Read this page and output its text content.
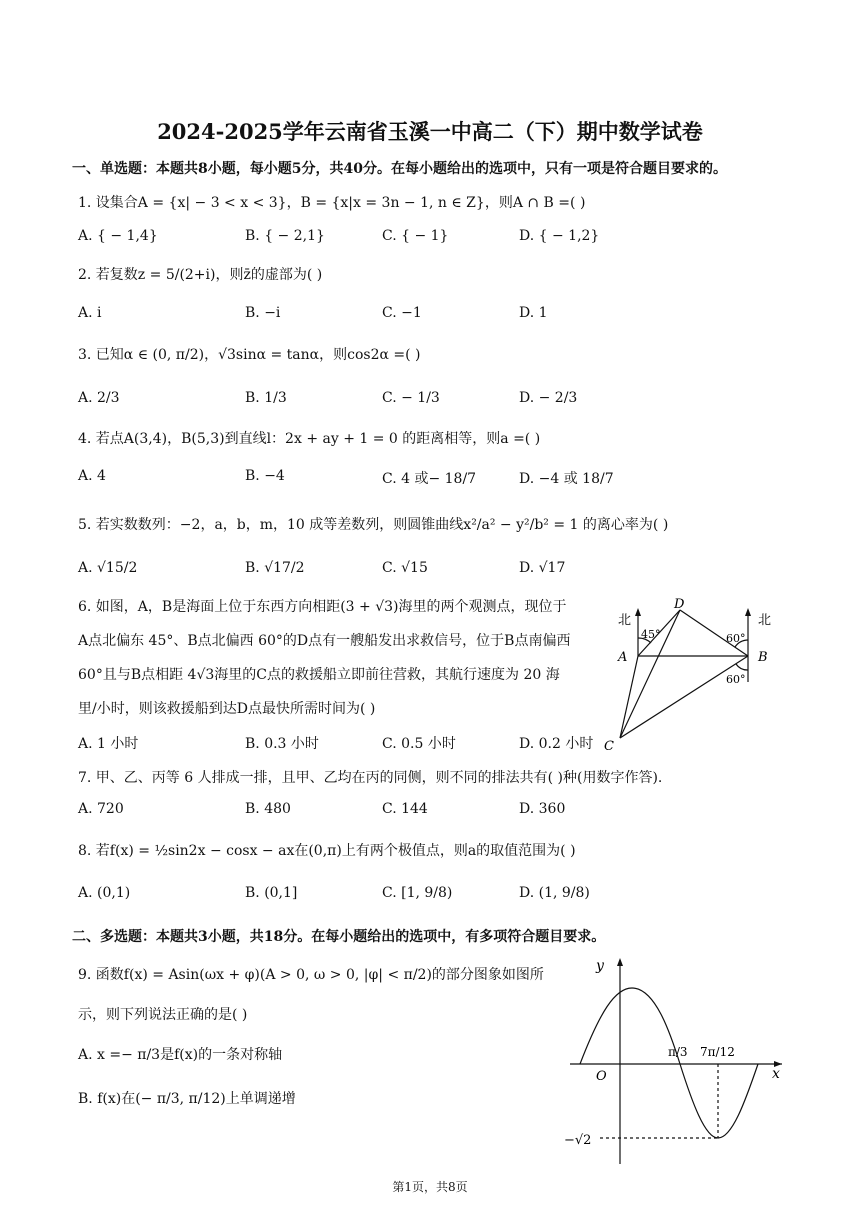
2024-2025学年云南省玉溪一中高二（下）期中数学试卷
一、单选题：本题共8小题，每小题5分，共40分。在每小题给出的选项中，只有一项是符合题目要求的。
1. 设集合A = {x| − 3 < x < 3}，B = {x|x = 3n − 1, n ∈ Z}，则A ∩ B =( )
A. { − 1,4}	B. { − 2,1}	C. { − 1}	D. { − 1,2}
2. 若复数z = 5/(2+i)，则z̄的虚部为( )
A. i	B. −i	C. −1	D. 1
3. 已知α ∈ (0, π/2)，√3sinα = tanα，则cos2α =( )
A. 2/3	B. 1/3	C. − 1/3	D. − 2/3
4. 若点A(3,4)，B(5,3)到直线l：2x + ay + 1 = 0 的距离相等，则a =( )
A. 4	B. −4	C. 4 或− 18/7	D. −4 或 18/7
5. 若实数数列：−2，a，b，m，10 成等差数列，则圆锥曲线x²/a² − y²/b² = 1 的离心率为( )
A. √15/2	B. √17/2	C. √15	D. √17
6. 如图，A，B是海面上位于东西方向相距(3 + √3)海里的两个观测点，现位于
A点北偏东 45°、B点北偏西 60°的D点有一艘船发出求救信号，位于B点南偏西
60°且与B点相距 4√3海里的C点的救援船立即前往营救，其航行速度为 20 海
里/小时，则该救援船到达D点最快所需时间为( )
A. 1 小时	B. 0.3 小时	C. 0.5 小时	D. 0.2 小时
北	北
D
A	B
C
45°	60°
60°
7. 甲、乙、丙等 6 人排成一排，且甲、乙均在丙的同侧，则不同的排法共有( )种(用数字作答).
A. 720	B. 480	C. 144	D. 360
8. 若f(x) = ½sin2x − cosx − ax在(0,π)上有两个极值点，则a的取值范围为( )
A. (0,1)	B. (0,1]	C. [1, 9/8)	D. (1, 9/8)
二、多选题：本题共3小题，共18分。在每小题给出的选项中，有多项符合题目要求。
9. 函数f(x) = Asin(ωx + φ)(A > 0, ω > 0, |φ| < π/2)的部分图象如图所
示，则下列说法正确的是( )
A. x =− π/3是f(x)的一条对称轴
B. f(x)在(− π/3, π/12)上单调递增
y
x
O
π/3 7π/12
−√2
第1页，共8页
